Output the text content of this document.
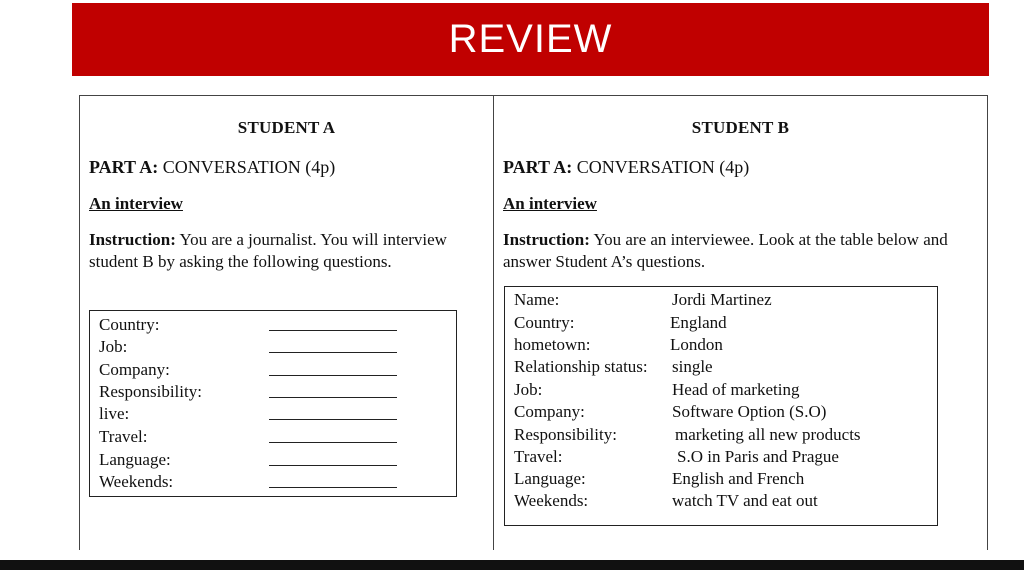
REVIEW
STUDENT A
PART A: CONVERSATION (4p)
An interview
Instruction: You are a journalist. You will interview student B by asking the following questions.
Country:
Job:
Company:
Responsibility:
live:
Travel:
Language:
Weekends:
STUDENT B
PART A: CONVERSATION (4p)
An interview
Instruction: You are an interviewee. Look at the table below and answer Student A’s questions.
Name:	Jordi Martinez
Country:	England
hometown:	London
Relationship status: single
Job:	Head of marketing
Company:	Software Option (S.O)
Responsibility:	marketing all new products
Travel:	S.O in Paris and Prague
Language:	English and French
Weekends:	watch TV and eat out
